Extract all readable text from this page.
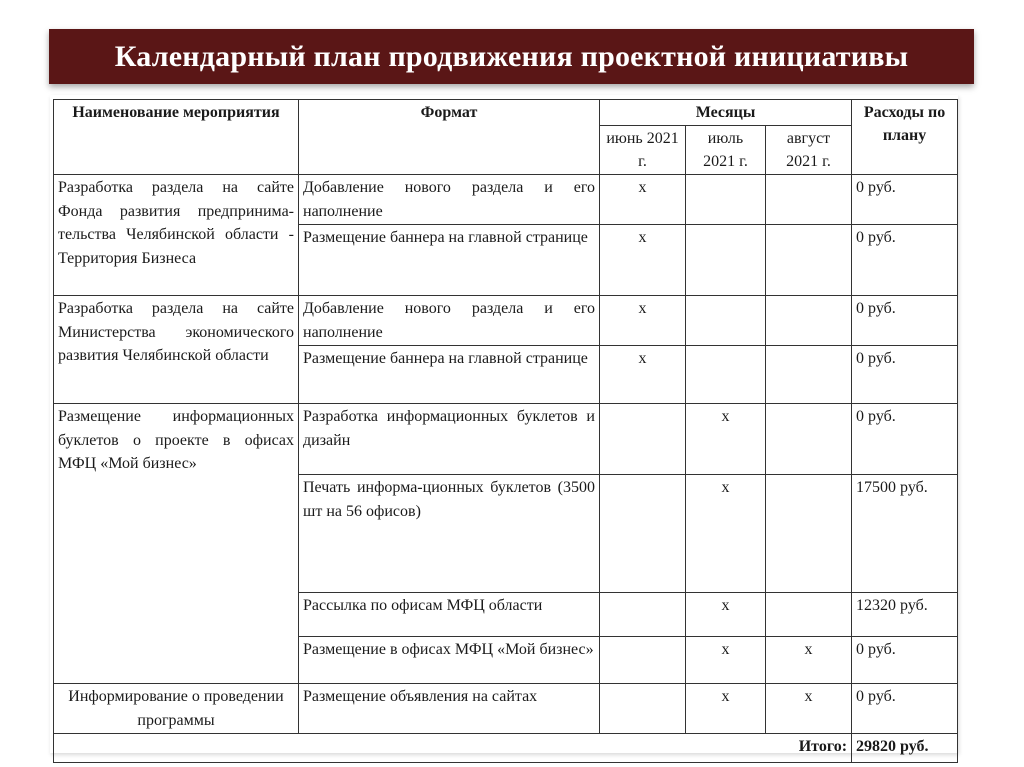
Календарный план продвижения проектной инициативы
Наименование мероприятия	Формат	Месяцы			Расходы по плану
		июнь 2021 г.	июль 2021 г.	август 2021 г.	
Разработка раздела на сайте Фонда развития предпринима-тельства Челябинской области - Территория Бизнеса	Добавление нового раздела и его наполнение	х			0 руб.
	Размещение баннера на главной странице	х			0 руб.
Разработка раздела на сайте Министерства экономического развития Челябинской области	Добавление нового раздела и его наполнение	х			0 руб.
	Размещение баннера на главной странице	х			0 руб.
Размещение информационных буклетов о проекте в офисах МФЦ «Мой бизнес»	Разработка информационных буклетов и дизайн		х		0 руб.
	Печать информа-ционных буклетов (3500 шт на 56 офисов)		х		17500 руб.
	Рассылка по офисам МФЦ области		х		12320 руб.
	Размещение в офисах МФЦ «Мой бизнес»		х	х	0 руб.
Информирование о проведении программы	Размещение объявления на сайтах		х	х	0 руб.
Итого:					29820 руб.
